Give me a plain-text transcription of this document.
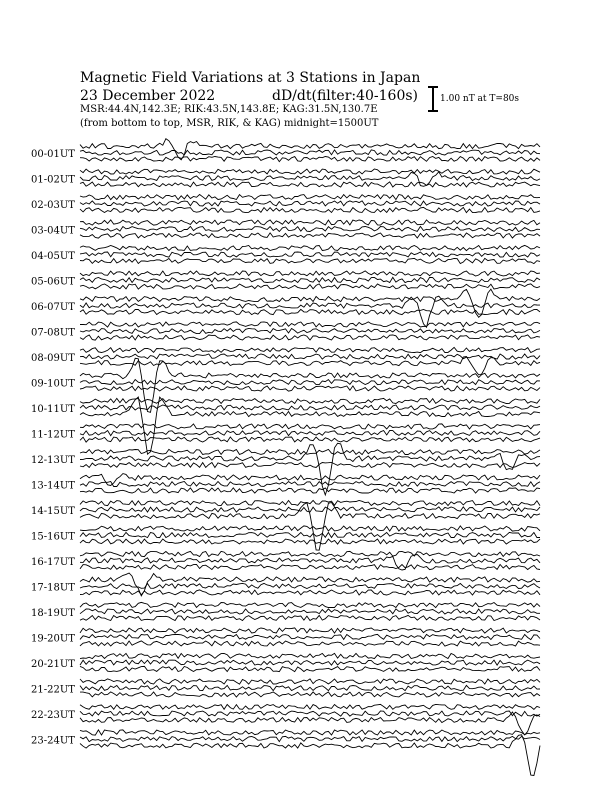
Magnetic Field Variations at 3 Stations in Japan
23 December 2022	dD/dt(filter:40-160s)
MSR:44.4N,142.3E; RIK:43.5N,143.8E; KAG:31.5N,130.7E
(from bottom to top, MSR, RIK, & KAG) midnight=1500UT
1.00 nT at T=80s
00-01UT
01-02UT
02-03UT
03-04UT
04-05UT
05-06UT
06-07UT
07-08UT
08-09UT
09-10UT
10-11UT
11-12UT
12-13UT
13-14UT
14-15UT
15-16UT
16-17UT
17-18UT
18-19UT
19-20UT
20-21UT
21-22UT
22-23UT
23-24UT
